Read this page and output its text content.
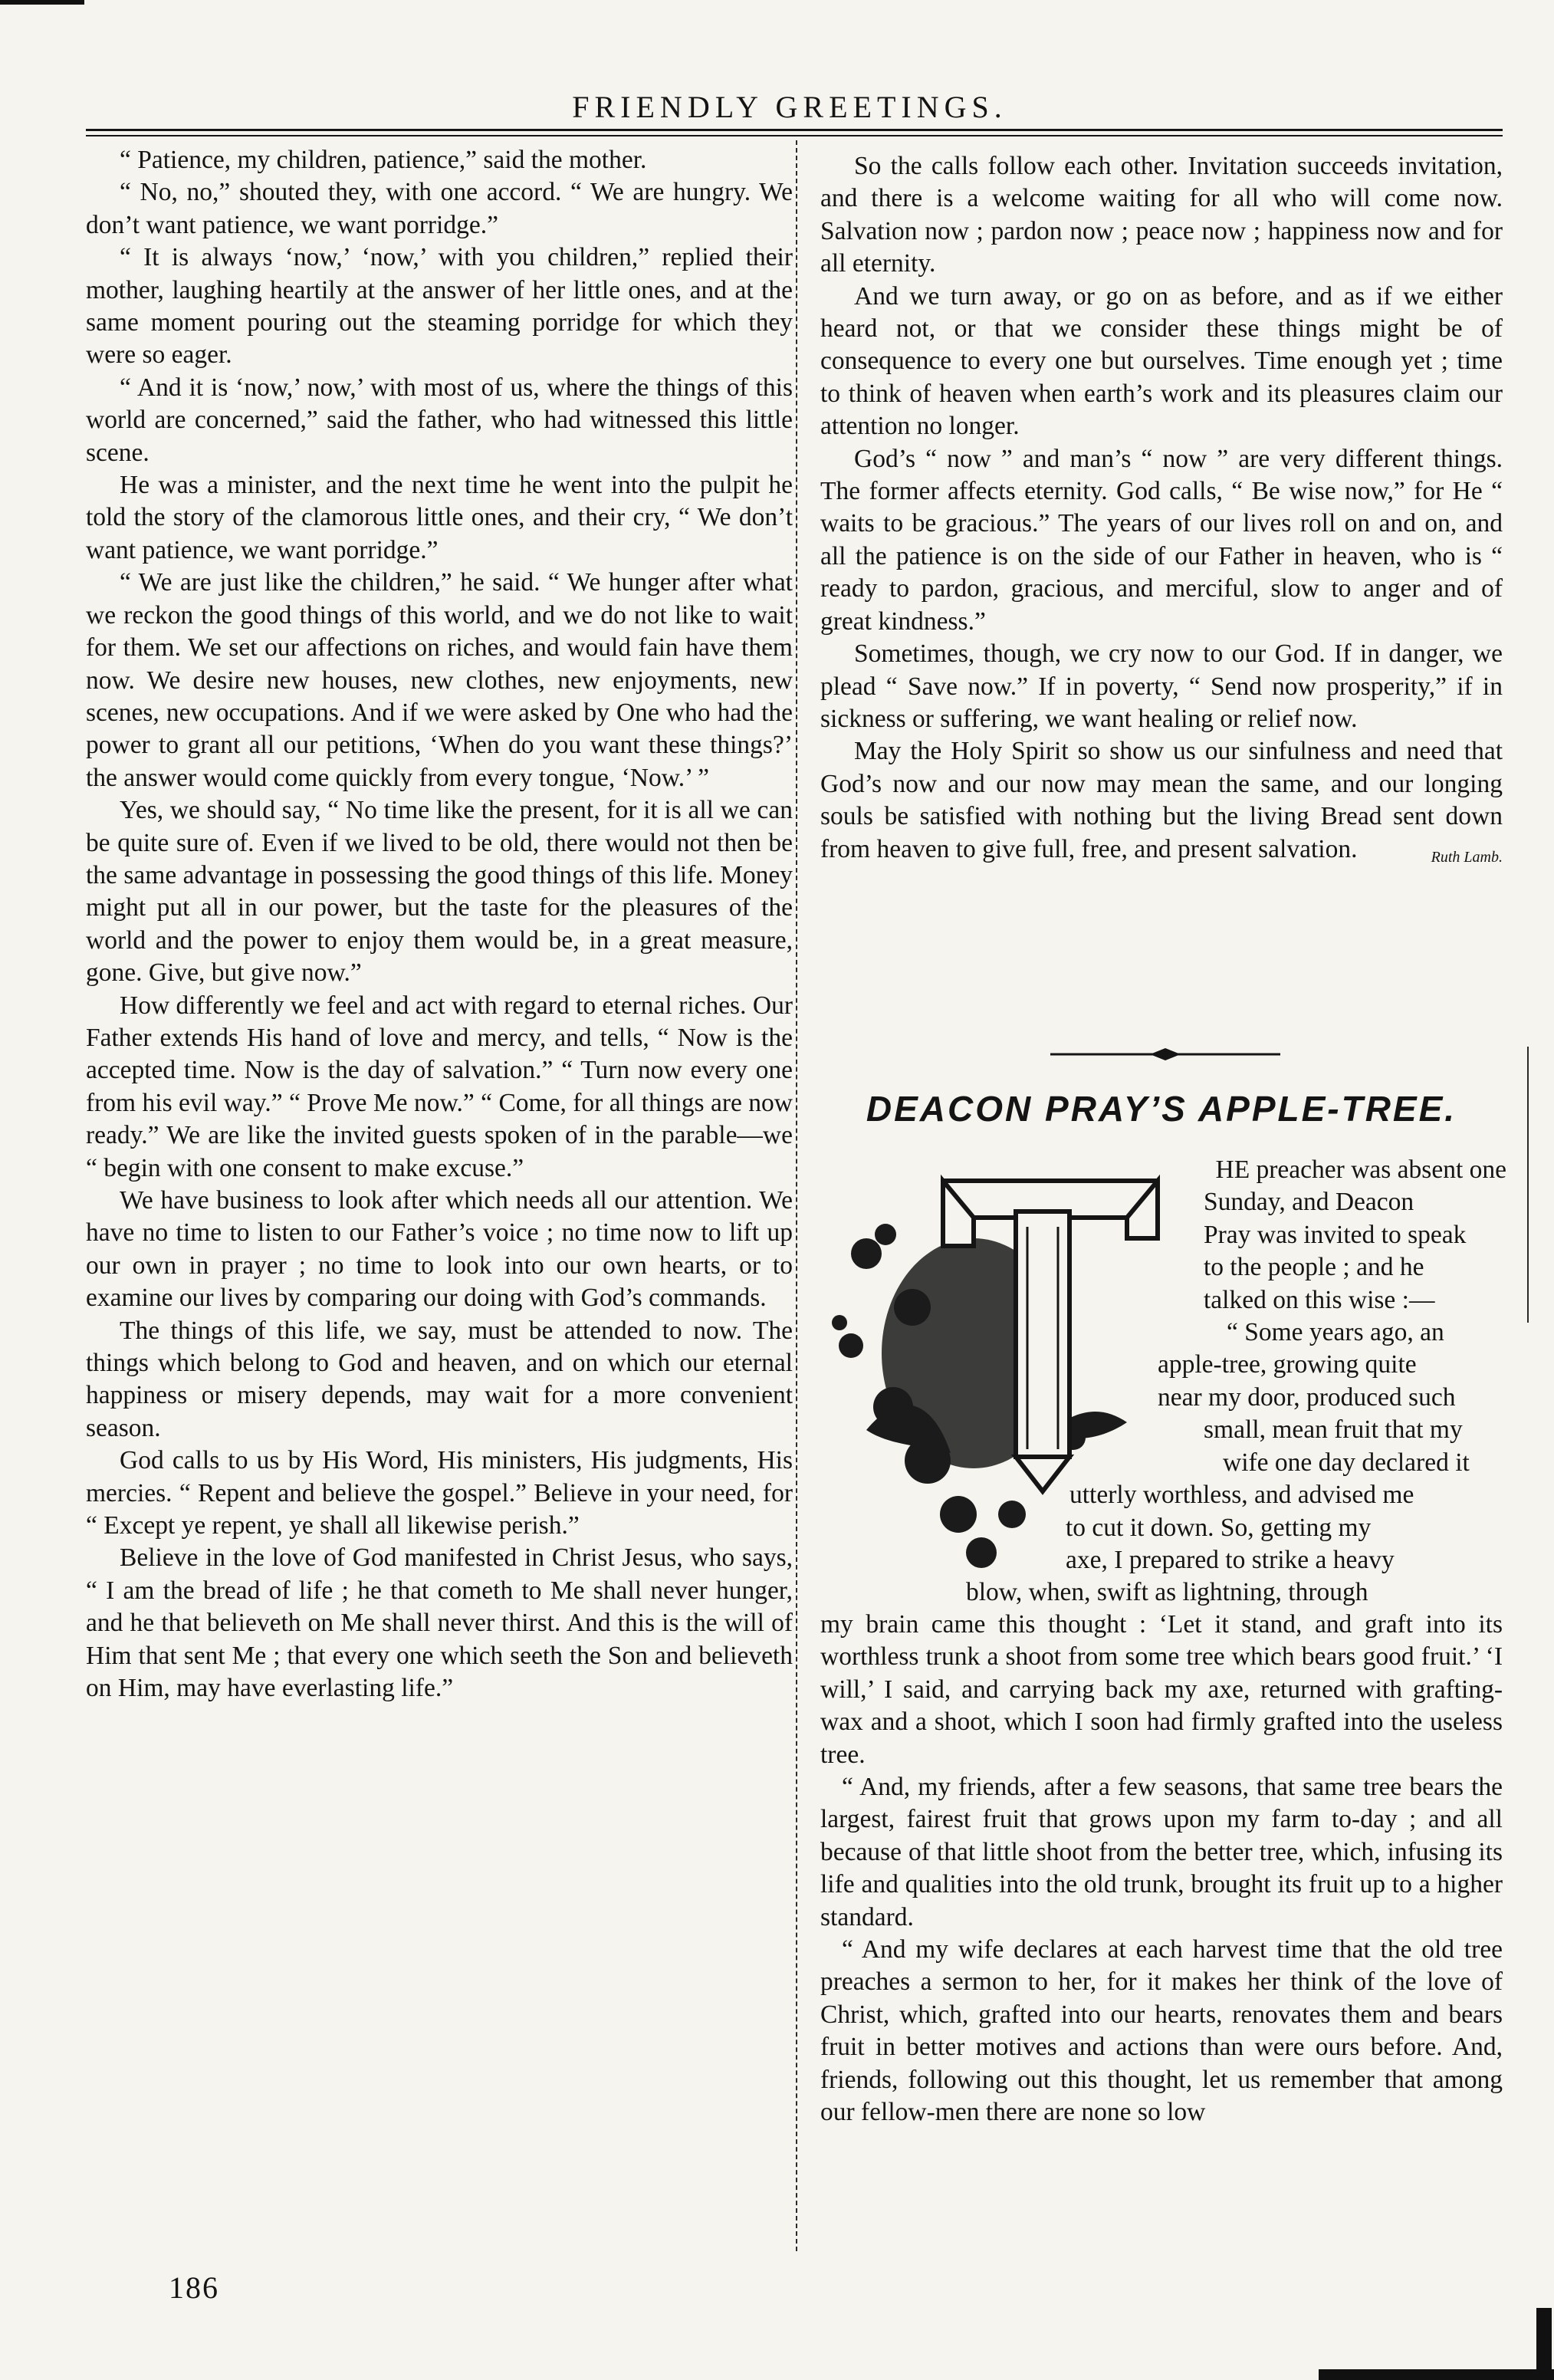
FRIENDLY GREETINGS.

“ Patience, my children, patience,” said the mother.

“ No, no,” shouted they, with one accord. “ We are hungry. We don’t want patience, we want porridge.”

“ It is always ‘now,’ ‘now,’ with you children,” replied their mother, laughing heartily at the answer of her little ones, and at the same moment pouring out the steaming porridge for which they were so eager.

“ And it is ‘now,’ now,’ with most of us, where the things of this world are concerned,” said the father, who had witnessed this little scene.

He was a minister, and the next time he went into the pulpit he told the story of the clamorous little ones, and their cry, “ We don’t want patience, we want porridge.”

“ We are just like the children,” he said. “ We hunger after what we reckon the good things of this world, and we do not like to wait for them. We set our affections on riches, and would fain have them now. We desire new houses, new clothes, new enjoyments, new scenes, new occupations. And if we were asked by One who had the power to grant all our petitions, ‘When do you want these things?’ the answer would come quickly from every tongue, ‘Now.’ ”

Yes, we should say, “ No time like the present, for it is all we can be quite sure of. Even if we lived to be old, there would not then be the same advantage in possessing the good things of this life. Money might put all in our power, but the taste for the pleasures of the world and the power to enjoy them would be, in a great measure, gone. Give, but give now.”

How differently we feel and act with regard to eternal riches. Our Father extends His hand of love and mercy, and tells, “ Now is the accepted time. Now is the day of salvation.” “ Turn now every one from his evil way.” “ Prove Me now.” “ Come, for all things are now ready.” We are like the invited guests spoken of in the parable—we “ begin with one consent to make excuse.”

We have business to look after which needs all our attention. We have no time to listen to our Father’s voice ; no time now to lift up our own in prayer ; no time to look into our own hearts, or to examine our lives by comparing our doing with God’s commands.

The things of this life, we say, must be attended to now. The things which belong to God and heaven, and on which our eternal happiness or misery depends, may wait for a more convenient season.

God calls to us by His Word, His ministers, His judgments, His mercies. “ Repent and believe the gospel.” Believe in your need, for “ Except ye repent, ye shall all likewise perish.”

Believe in the love of God manifested in Christ Jesus, who says, “ I am the bread of life ; he that cometh to Me shall never hunger, and he that believeth on Me shall never thirst. And this is the will of Him that sent Me ; that every one which seeth the Son and believeth on Him, may have everlasting life.”

So the calls follow each other. Invitation succeeds invitation, and there is a welcome waiting for all who will come now. Salvation now ; pardon now ; peace now ; happiness now and for all eternity.

And we turn away, or go on as before, and as if we either heard not, or that we consider these things might be of consequence to every one but ourselves. Time enough yet ; time to think of heaven when earth’s work and its pleasures claim our attention no longer.

God’s “ now ” and man’s “ now ” are very different things. The former affects eternity. God calls, “ Be wise now,” for He “ waits to be gracious.” The years of our lives roll on and on, and all the patience is on the side of our Father in heaven, who is “ ready to pardon, gracious, and merciful, slow to anger and of great kindness.”

Sometimes, though, we cry now to our God. If in danger, we plead “ Save now.” If in poverty, “ Send now prosperity,” if in sickness or suffering, we want healing or relief now.

May the Holy Spirit so show us our sinfulness and need that God’s now and our now may mean the same, and our longing souls be satisfied with nothing but the living Bread sent down from heaven to give full, free, and present salvation.	Ruth Lamb.

DEACON PRAY’S APPLE-TREE.

HE preacher was absent one

Sunday, and Deacon

Pray was invited to speak

to the people ; and he

talked on this wise :—

“ Some years ago, an

apple-tree, growing quite

near my door, produced such

small, mean fruit that my

wife one day declared it

utterly worthless, and advised me

to cut it down. So, getting my

axe, I prepared to strike a heavy

blow, when, swift as lightning, through

my brain came this thought : ‘Let it stand, and graft into its worthless trunk a shoot from some tree which bears good fruit.’ ‘I will,’ I said, and carrying back my axe, returned with grafting-wax and a shoot, which I soon had firmly grafted into the useless tree.

“ And, my friends, after a few seasons, that same tree bears the largest, fairest fruit that grows upon my farm to-day ; and all because of that little shoot from the better tree, which, infusing its life and qualities into the old trunk, brought its fruit up to a higher standard.

“ And my wife declares at each harvest time that the old tree preaches a sermon to her, for it makes her think of the love of Christ, which, grafted into our hearts, renovates them and bears fruit in better motives and actions than were ours before. And, friends, following out this thought, let us remember that among our fellow-men there are none so low

186
